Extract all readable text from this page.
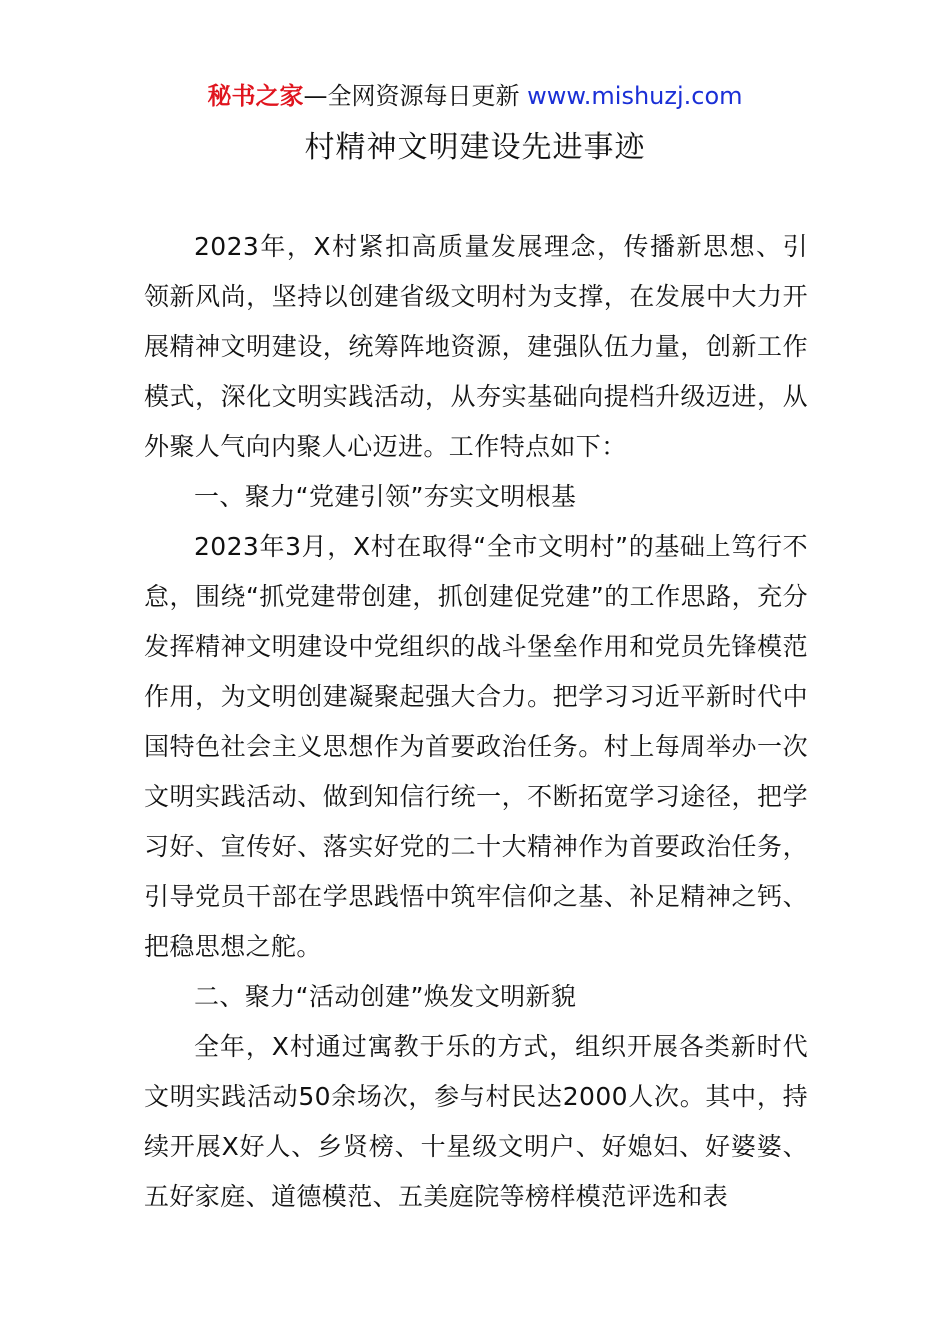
秘书之家—全网资源每日更新 www.mishuzj.com
村精神文明建设先进事迹

2023年，X村紧扣高质量发展理念，传播新思想、引领新风尚，坚持以创建省级文明村为支撑，在发展中大力开展精神文明建设，统筹阵地资源，建强队伍力量，创新工作模式，深化文明实践活动，从夯实基础向提档升级迈进，从外聚人气向内聚人心迈进。工作特点如下：

一、聚力“党建引领”夯实文明根基

2023年3月，X村在取得“全市文明村”的基础上笃行不怠，围绕“抓党建带创建，抓创建促党建”的工作思路，充分发挥精神文明建设中党组织的战斗堡垒作用和党员先锋模范作用，为文明创建凝聚起强大合力。把学习习近平新时代中国特色社会主义思想作为首要政治任务。村上每周举办一次文明实践活动、做到知信行统一，不断拓宽学习途径，把学习好、宣传好、落实好党的二十大精神作为首要政治任务，引导党员干部在学思践悟中筑牢信仰之基、补足精神之钙、把稳思想之舵。

二、聚力“活动创建”焕发文明新貌

全年，X村通过寓教于乐的方式，组织开展各类新时代文明实践活动50余场次，参与村民达2000人次。其中，持续开展X好人、乡贤榜、十星级文明户、好媳妇、好婆婆、五好家庭、道德模范、五美庭院等榜样模范评选和表
